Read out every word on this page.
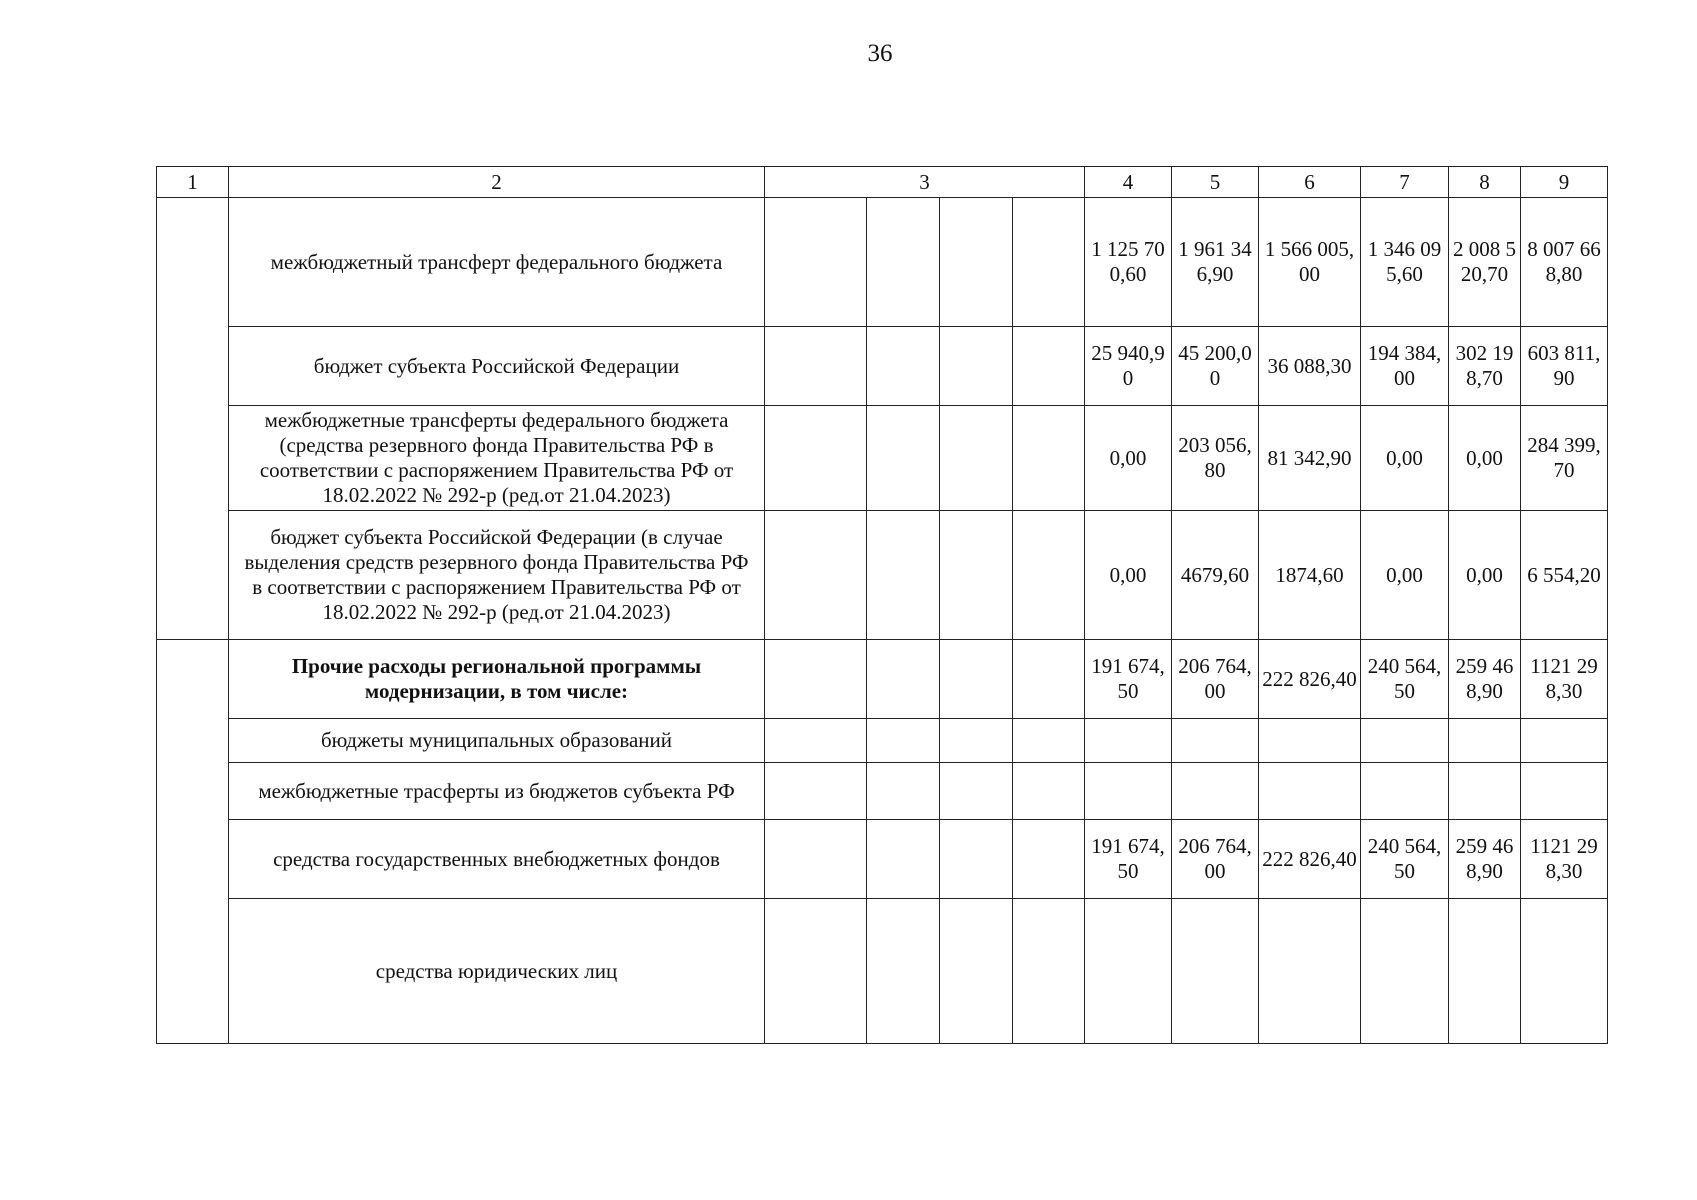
36
1	2	3				4	5	6	7	8	9
	межбюджетный трансферт федерального бюджета					1 125 700,60	1 961 346,90	1 566 005,00	1 346 095,60	2 008 520,70	8 007 668,80
	бюджет субъекта Российской Федерации					25 940,90	45 200,00	36 088,30	194 384,00	302 198,70	603 811,90
	межбюджетные трансферты федерального бюджета (средства резервного фонда Правительства РФ в соответствии с распоряжением Правительства РФ от 18.02.2022 № 292-р (ред.от 21.04.2023)					0,00	203 056,80	81 342,90	0,00	0,00	284 399,70
	бюджет субъекта Российской Федерации (в случае выделения средств резервного фонда Правительства РФ в соответствии с распоряжением Правительства РФ от 18.02.2022 № 292-р (ред.от 21.04.2023)					0,00	4679,60	1874,60	0,00	0,00	6 554,20
	Прочие расходы региональной программы модернизации, в том числе:					191 674,50	206 764,00	222 826,40	240 564,50	259 468,90	1121 298,30
	бюджеты муниципальных образований										
	межбюджетные трасферты из бюджетов субъекта РФ										
	средства государственных внебюджетных фондов					191 674,50	206 764,00	222 826,40	240 564,50	259 468,90	1121 298,30
	средства юридических лиц										
